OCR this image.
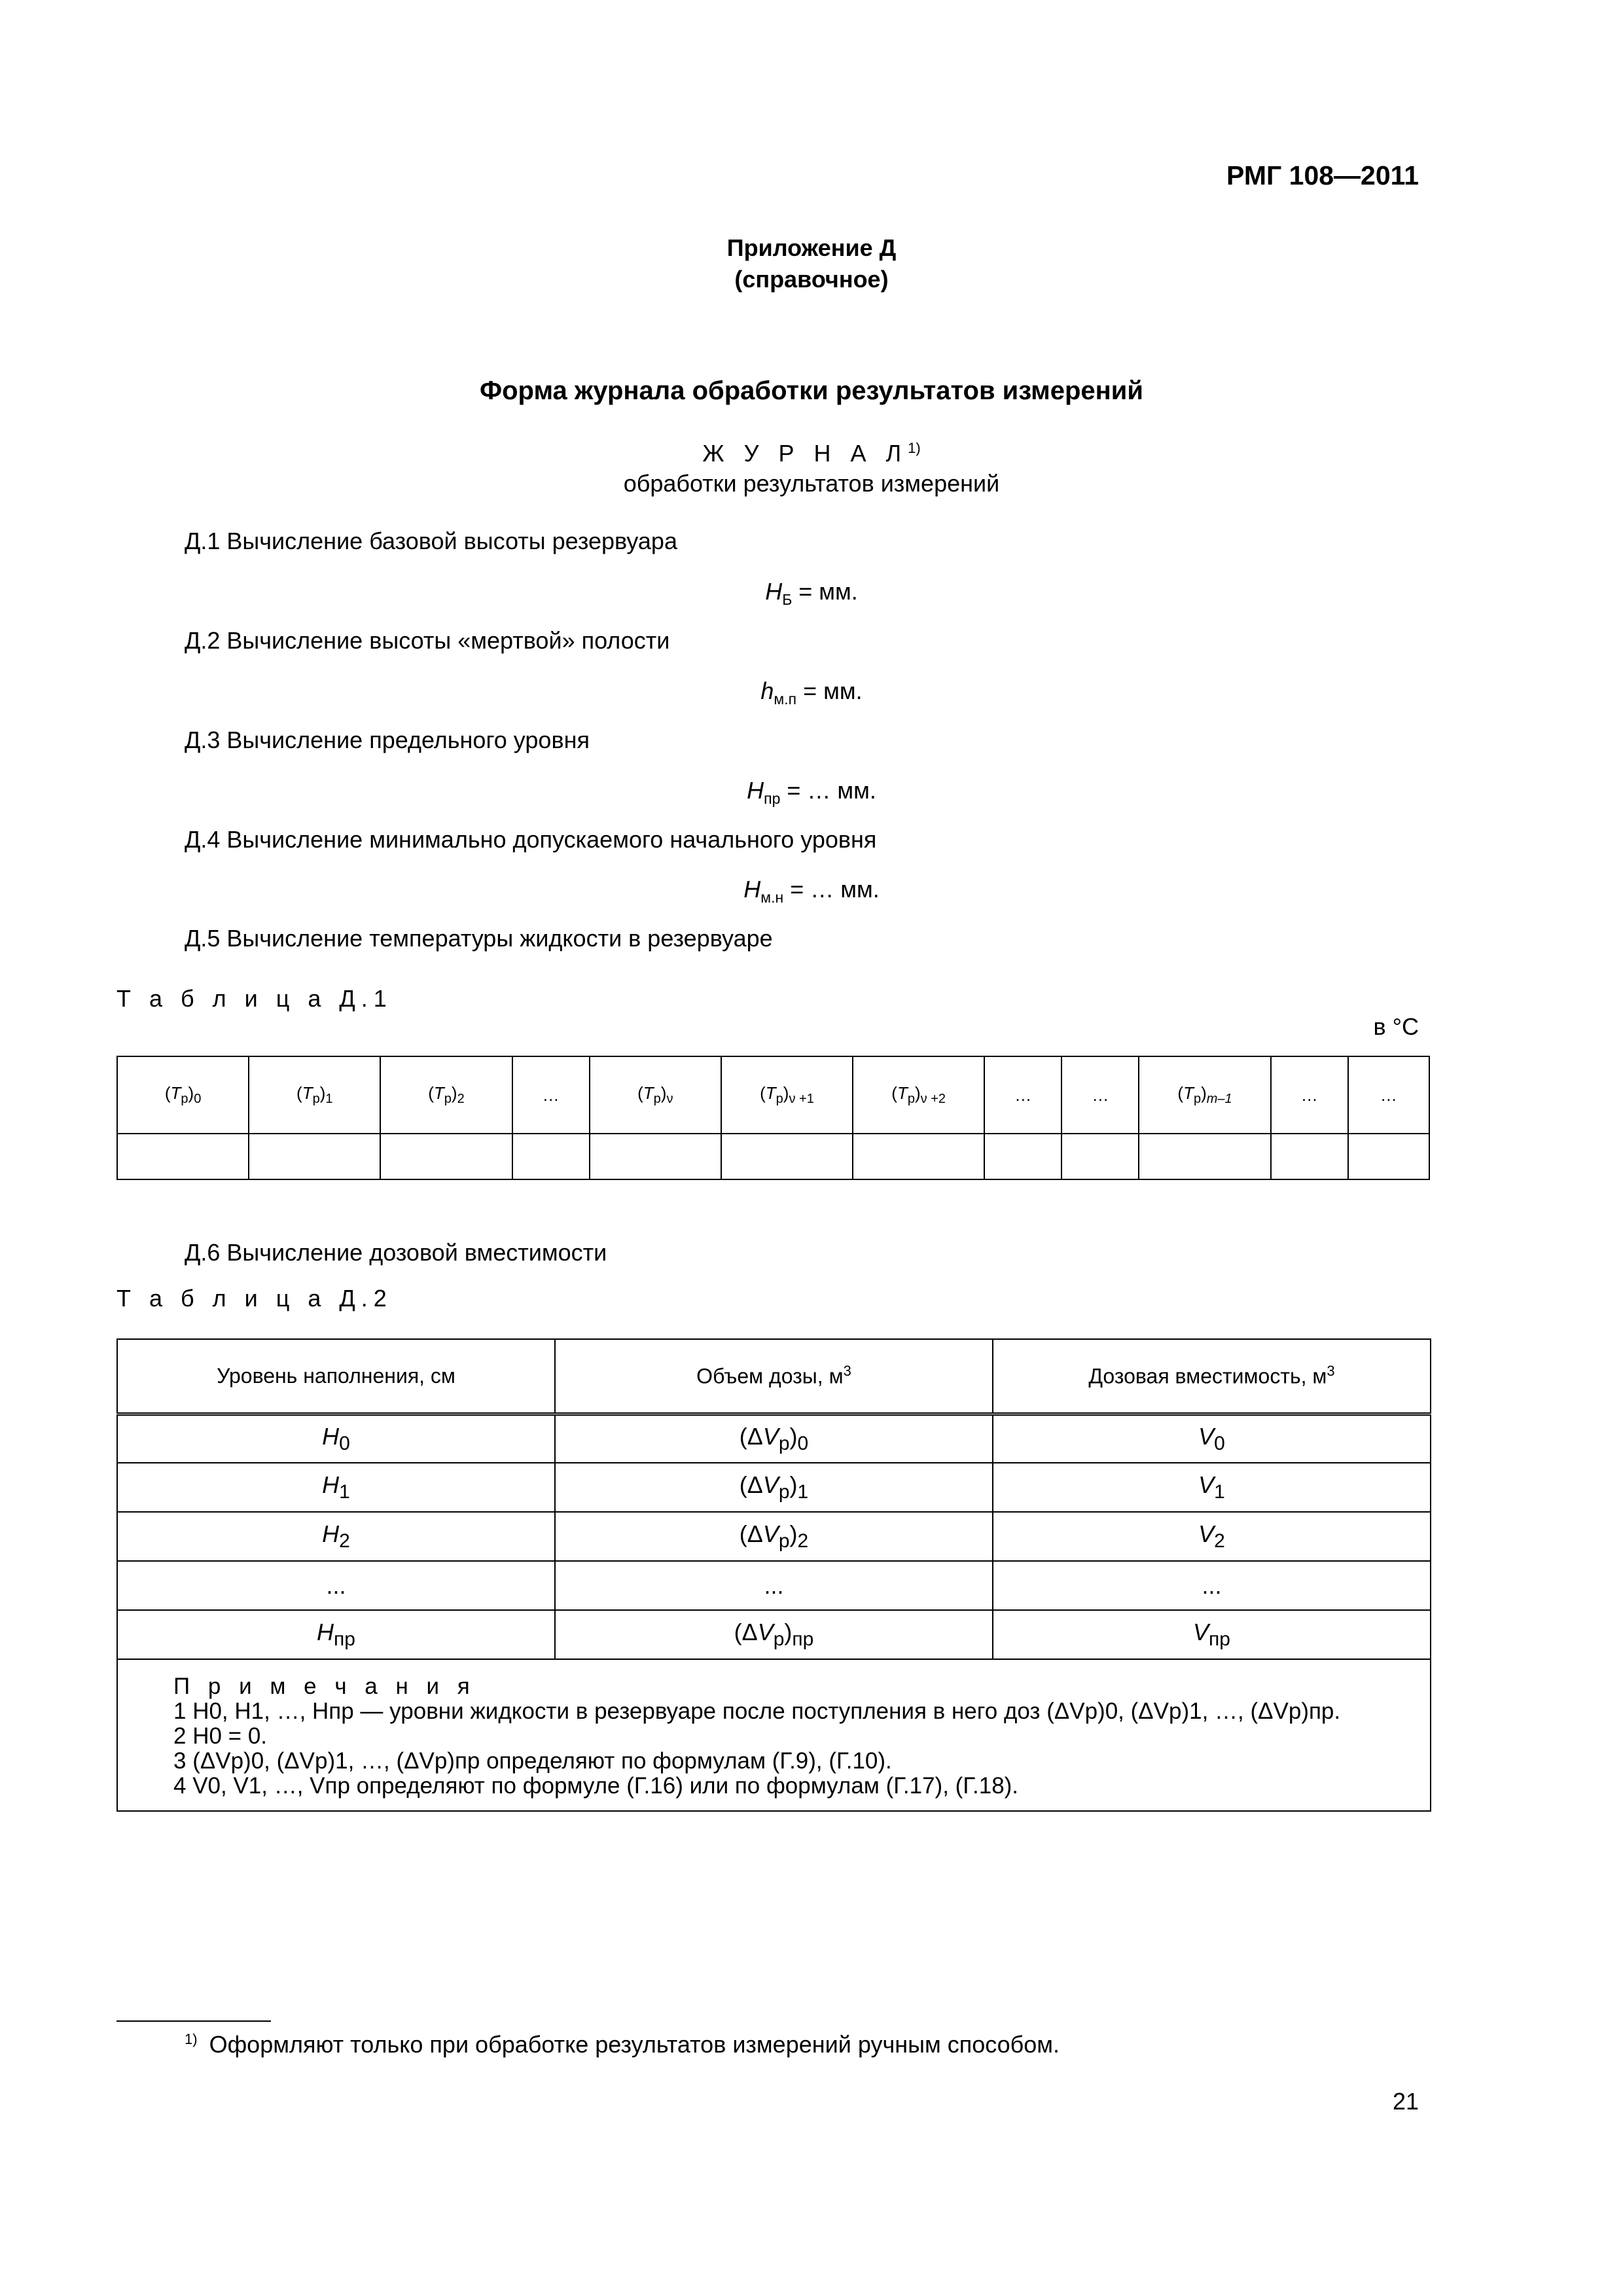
РМГ 108—2011
Приложение Д
(справочное)
Форма журнала обработки результатов измерений
Ж У Р Н А $Л^{1)}$
обработки результатов измерений
Д.1 Вычисление базовой высоты резервуара
$H_Б$ = мм.
Д.2 Вычисление высоты «мертвой» полости
$h_{м.п}$ = мм.
Д.3 Вычисление предельного уровня
$H_{пр}$ = … мм.
Д.4 Вычисление минимально допускаемого начального уровня
$H_{м.н}$ = … мм.
Д.5 Вычисление температуры жидкости в резервуаре
Т а б л и ц а Д.1
в °С
$(T_р)_0$	$(T_р)_1$	$(T_р)_2$	…	$(T_р)_\nu$	$(T_р)_{\nu +1}$	$(T_р)_{\nu +2}$	…	…	$(T_р)_{m-1}$	…	…

Д.6 Вычисление дозовой вместимости
Т а б л и ц а Д.2
Уровень наполнения, см	Объем дозы, $м^3$	Дозовая вместимость, $м^3$
$H_0$	$(\Delta V_р)_0$	$V_0$
$H_1$	$(\Delta V_р)_1$	$V_1$
$H_2$	$(\Delta V_р)_2$	$V_2$
...	...	...
$H_{пр}$	$(\Delta V_р)_{пр}$	$V_{пр}$

П р и м е ч а н и я
1 H0, H1, …, Hпр — уровни жидкости в резервуаре после поступления в него доз (ΔVр)0, (ΔVр)1, …, (ΔVр)пр.
2 H0 = 0.
3 (ΔVр)0, (ΔVр)1, …, (ΔVр)пр определяют по формулам (Г.9), (Г.10).
4 V0, V1, …, Vпр определяют по формуле (Г.16) или по формулам (Г.17), (Г.18).		
$^{1)}$ Оформляют только при обработке результатов измерений ручным способом.
21
